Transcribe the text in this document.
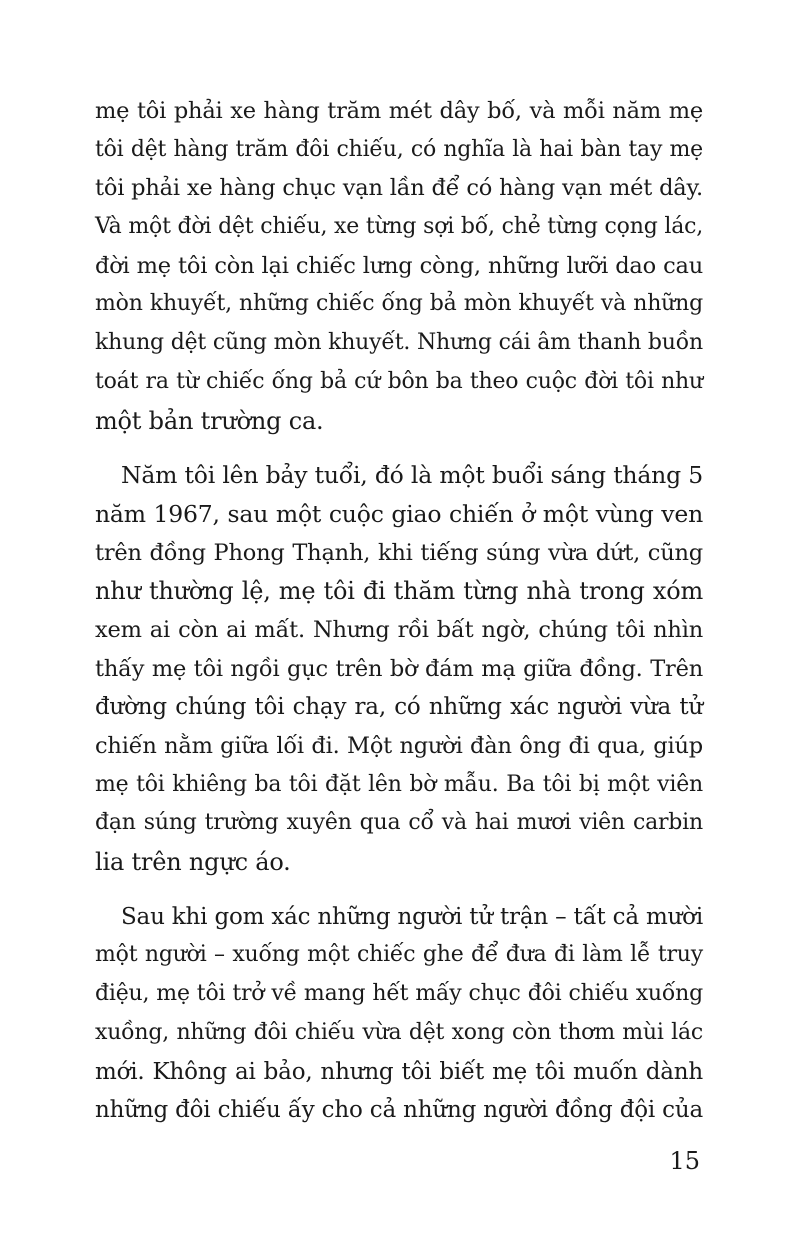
mẹ tôi phải xe hàng trăm mét dây bố, và mỗi năm mẹ
tôi dệt hàng trăm đôi chiếu, có nghĩa là hai bàn tay mẹ
tôi phải xe hàng chục vạn lần để có hàng vạn mét dây.
Và một đời dệt chiếu, xe từng sợi bố, chẻ từng cọng lác,
đời mẹ tôi còn lại chiếc lưng còng, những lưỡi dao cau
mòn khuyết, những chiếc ống bả mòn khuyết và những
khung dệt cũng mòn khuyết. Nhưng cái âm thanh buồn
toát ra từ chiếc ống bả cứ bôn ba theo cuộc đời tôi như
một bản trường ca.
Năm tôi lên bảy tuổi, đó là một buổi sáng tháng 5
năm 1967, sau một cuộc giao chiến ở một vùng ven
trên đồng Phong Thạnh, khi tiếng súng vừa dứt, cũng
như thường lệ, mẹ tôi đi thăm từng nhà trong xóm
xem ai còn ai mất. Nhưng rồi bất ngờ, chúng tôi nhìn
thấy mẹ tôi ngồi gục trên bờ đám mạ giữa đồng. Trên
đường chúng tôi chạy ra, có những xác người vừa tử
chiến nằm giữa lối đi. Một người đàn ông đi qua, giúp
mẹ tôi khiêng ba tôi đặt lên bờ mẫu. Ba tôi bị một viên
đạn súng trường xuyên qua cổ và hai mươi viên carbin
lia trên ngực áo.
Sau khi gom xác những người tử trận – tất cả mười
một người – xuống một chiếc ghe để đưa đi làm lễ truy
điệu, mẹ tôi trở về mang hết mấy chục đôi chiếu xuống
xuồng, những đôi chiếu vừa dệt xong còn thơm mùi lác
mới. Không ai bảo, nhưng tôi biết mẹ tôi muốn dành
những đôi chiếu ấy cho cả những người đồng đội của
15
